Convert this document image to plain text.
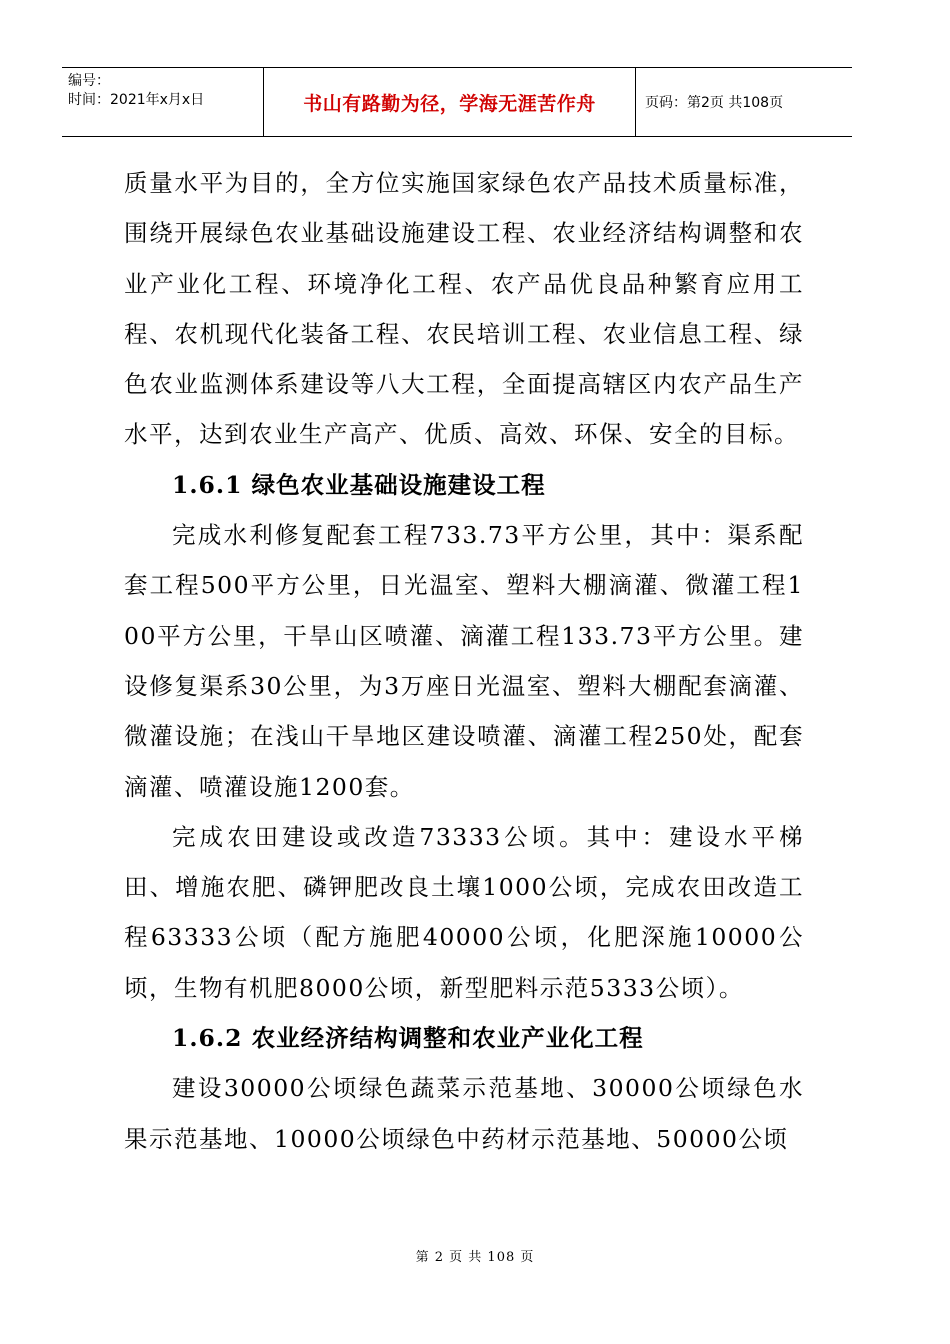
编号：
时间：2021年x月x日	书山有路勤为径，学海无涯苦作舟	页码：第2页 共108页

质量水平为目的，全方位实施国家绿色农产品技术质量标准，围绕开展绿色农业基础设施建设工程、农业经济结构调整和农业产业化工程、环境净化工程、农产品优良品种繁育应用工程、农机现代化装备工程、农民培训工程、农业信息工程、绿色农业监测体系建设等八大工程，全面提高辖区内农产品生产水平，达到农业生产高产、优质、高效、环保、安全的目标。

1.6.1 绿色农业基础设施建设工程

完成水利修复配套工程733.73平方公里，其中：渠系配套工程500平方公里，日光温室、塑料大棚滴灌、微灌工程100平方公里，干旱山区喷灌、滴灌工程133.73平方公里。建设修复渠系30公里，为3万座日光温室、塑料大棚配套滴灌、微灌设施；在浅山干旱地区建设喷灌、滴灌工程250处，配套滴灌、喷灌设施1200套。

完成农田建设或改造73333公顷。其中：建设水平梯田、增施农肥、磷钾肥改良土壤1000公顷，完成农田改造工程63333公顷（配方施肥40000公顷，化肥深施10000公顷，生物有机肥8000公顷，新型肥料示范5333公顷）。

1.6.2 农业经济结构调整和农业产业化工程

建设30000公顷绿色蔬菜示范基地、30000公顷绿色水果示范基地、10000公顷绿色中药材示范基地、50000公顷

第 2 页 共 108 页
